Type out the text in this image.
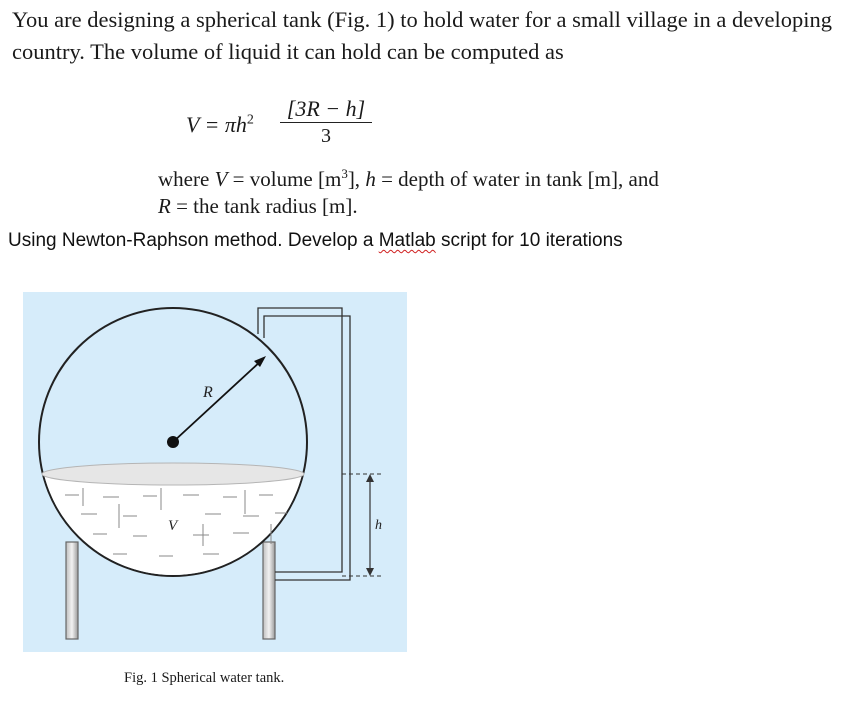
You are designing a spherical tank (Fig. 1) to hold water for a small village in a developing country. The volume of liquid it can hold can be computed as
$V = \pi h^2 \frac{[3R - h]}{3}$
where V = volume $[m^3]$, h = depth of water in tank [m], and
R = the tank radius [m].
Using Newton-Raphson method. Develop a Matlab script for 10 iterations
R
V	h
Fig. 1 Spherical water tank.
